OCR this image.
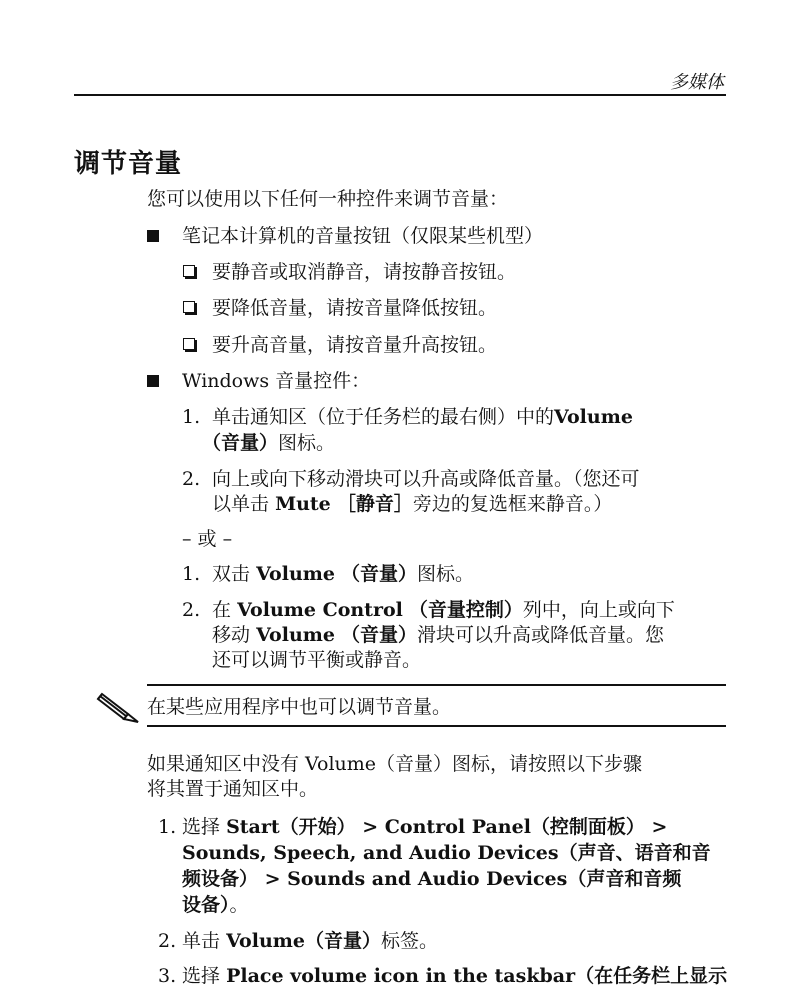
多媒体
调节音量
您可以使用以下任何一种控件来调节音量：
笔记本计算机的音量按钮（仅限某些机型）
要静音或取消静音，请按静音按钮。
要降低音量，请按音量降低按钮。
要升高音量，请按音量升高按钮。
Windows 音量控件：
1. 单击通知区（位于任务栏的最右侧）中的Volume
（音量）图标。
2. 向上或向下移动滑块可以升高或降低音量。（您还可
以单击 Mute ［静音］旁边的复选框来静音。）
– 或 –
1. 双击 Volume （音量）图标。
2. 在 Volume Control （音量控制）列中，向上或向下
移动 Volume （音量）滑块可以升高或降低音量。您
还可以调节平衡或静音。
在某些应用程序中也可以调节音量。
如果通知区中没有 Volume（音量）图标，请按照以下步骤
将其置于通知区中。
1. 选择 Start（开始） > Control Panel（控制面板） >
Sounds, Speech, and Audio Devices（声音、语音和音
频设备） > Sounds and Audio Devices（声音和音频
设备）。
2. 单击 Volume（音量）标签。
3. 选择 Place volume icon in the taskbar（在任务栏上显示
